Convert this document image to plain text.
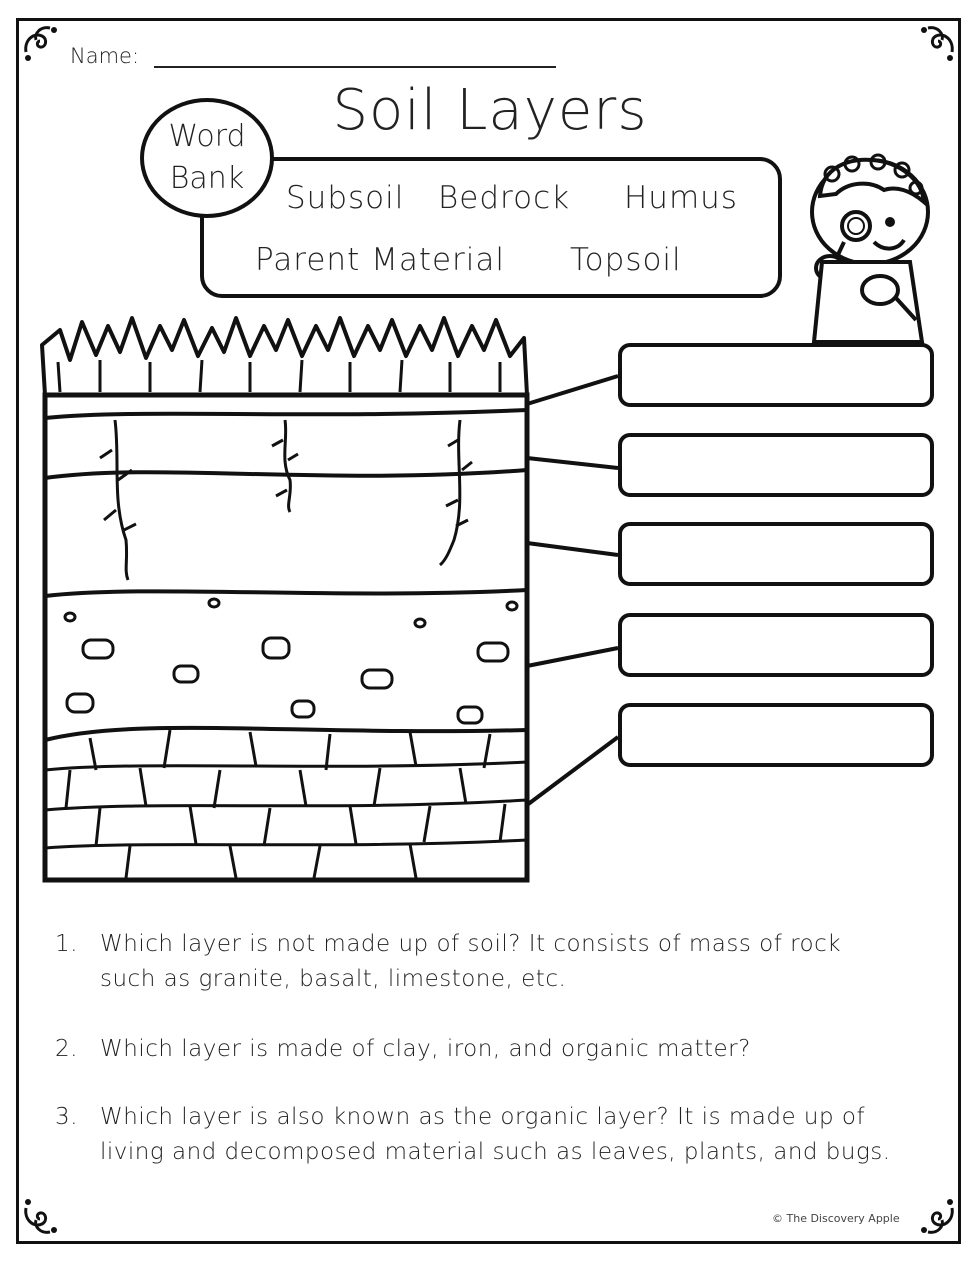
Name:
Soil Layers
Word
Bank
Subsoil Bedrock Humus
Parent Material Topsoil
1. Which layer is not made up of soil? It consists of mass of rock such as granite, basalt, limestone, etc.
2. Which layer is made of clay, iron, and organic matter?
3. Which layer is also known as the organic layer? It is made up of living and decomposed material such as leaves, plants, and bugs.
© The Discovery Apple
